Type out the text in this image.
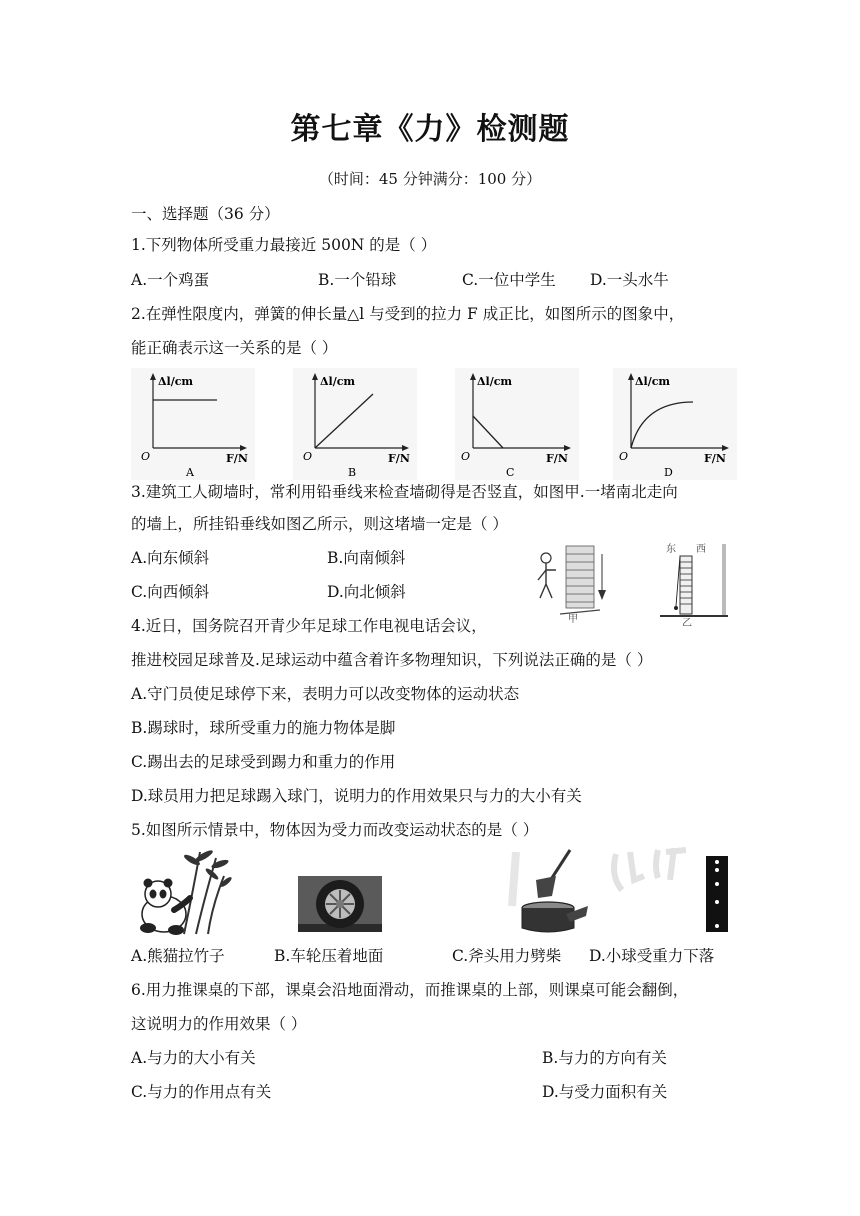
第七章《力》检测题
（时间：45 分钟满分：100 分）
一、选择题（36 分）
1.下列物体所受重力最接近 500N 的是（ ）
A.一个鸡蛋	B.一个铅球	C.一位中学生 D.一头水牛
2.在弹性限度内，弹簧的伸长量△l 与受到的拉力 F 成正比，如图所示的图象中，
能正确表示这一关系的是（ ）
Δl/cm
O	F/N
A
Δl/cm
O	F/N
B
Δl/cm
O	F/N
C
Δl/cm
O	F/N
D
3.建筑工人砌墙时，常利用铅垂线来检查墙砌得是否竖直，如图甲.一堵南北走向
的墙上，所挂铅垂线如图乙所示，则这堵墙一定是（ ）
A.向东倾斜	B.向南倾斜
C.向西倾斜	D.向北倾斜
甲
东 西
乙
4.近日，国务院召开青少年足球工作电视电话会议，
推进校园足球普及.足球运动中蕴含着许多物理知识，下列说法正确的是（ ）
A.守门员使足球停下来，表明力可以改变物体的运动状态
B.踢球时，球所受重力的施力物体是脚
C.踢出去的足球受到踢力和重力的作用
D.球员用力把足球踢入球门，说明力的作用效果只与力的大小有关
5.如图所示情景中，物体因为受力而改变运动状态的是（ ）
A.熊猫拉竹子	B.车轮压着地面	C.斧头用力劈柴 D.小球受重力下落
6.用力推课桌的下部，课桌会沿地面滑动，而推课桌的上部，则课桌可能会翻倒，
这说明力的作用效果（ ）
A.与力的大小有关	B.与力的方向有关
C.与力的作用点有关	D.与受力面积有关
